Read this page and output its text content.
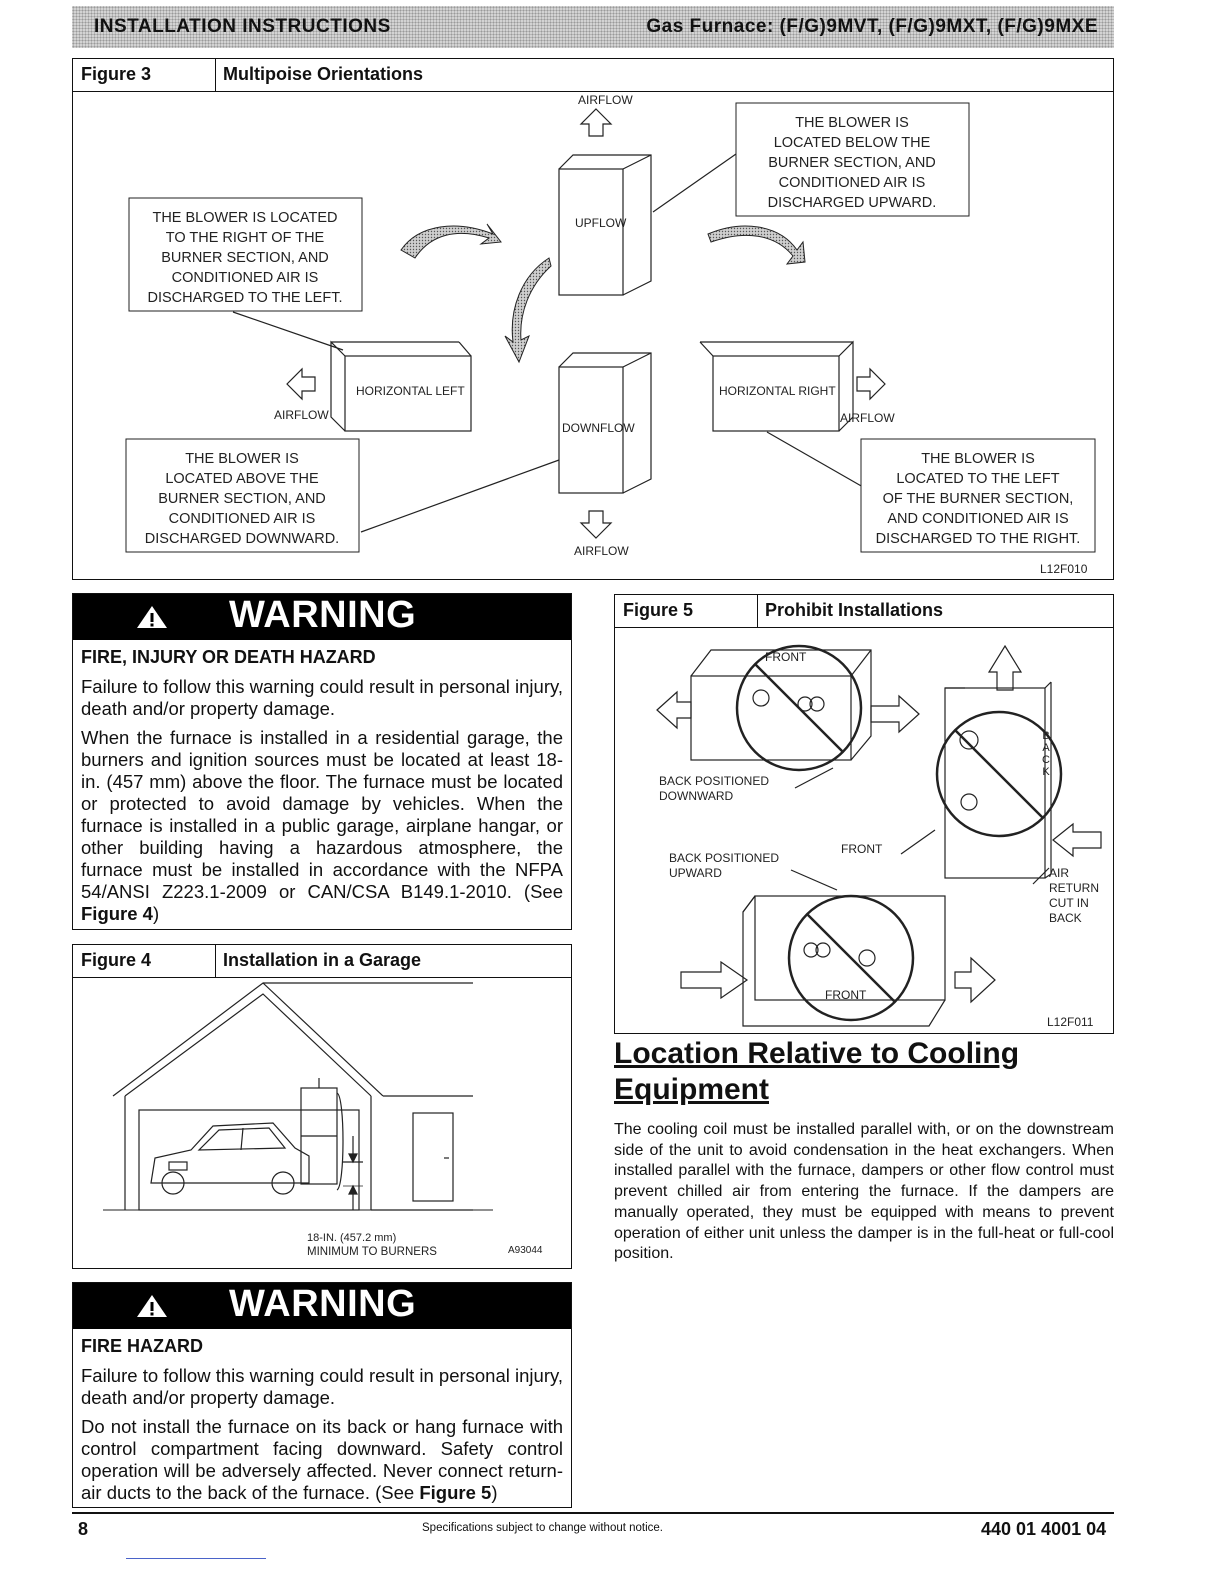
INSTALLATION INSTRUCTIONS	Gas Furnace: (F/G)9MVT, (F/G)9MXT, (F/G)9MXE
Figure 3	Multipoise Orientations
UPFLOW
DOWNFLOW
HORIZONTAL LEFT	HORIZONTAL RIGHT
AIRFLOW
AIRFLOW
AIRFLOW	AIRFLOW
L12F010
THE BLOWER IS
LOCATED BELOW THE
BURNER SECTION, AND
CONDITIONED AIR IS
DISCHARGED UPWARD.
THE BLOWER IS LOCATED
TO THE RIGHT OF THE
BURNER SECTION, AND
CONDITIONED AIR IS
DISCHARGED TO THE LEFT.
THE BLOWER IS
LOCATED ABOVE THE
BURNER SECTION, AND
CONDITIONED AIR IS
DISCHARGED DOWNWARD.
THE BLOWER IS
LOCATED TO THE LEFT
OF THE BURNER SECTION,
AND CONDITIONED AIR IS
DISCHARGED TO THE RIGHT.
WARNING
FIRE, INJURY OR DEATH HAZARD

Failure to follow this warning could result in personal injury, death and/or property damage.

When the furnace is installed in a residential garage, the burners and ignition sources must be located at least 18-in. (457 mm) above the floor. The furnace must be located or protected to avoid damage by vehicles. When the furnace is installed in a public garage, airplane hangar, or other building having a hazardous atmosphere, the furnace must be installed in accordance with the NFPA 54/ANSI Z223.1-2009 or CAN/CSA B149.1-2010. (See Figure 4)

Figure 4	Installation in a Garage
18-IN. (457.2 mm)
MINIMUM TO BURNERS	A93044
WARNING
FIRE HAZARD

Failure to follow this warning could result in personal injury, death and/or property damage.

Do not install the furnace on its back or hang furnace with control compartment facing downward. Safety control operation will be adversely affected. Never connect return-air ducts to the back of the furnace. (See Figure 5)

Figure 5	Prohibit Installations
FRONT
FRONT
FRONT
BACK POSITIONED
DOWNWARD
BACK POSITIONED
UPWARD
B
A
C
K
AIR
RETURN
CUT IN
BACK
L12F011
Location Relative to Cooling
Equipment
The cooling coil must be installed parallel with, or on the downstream side of the unit to avoid condensation in the heat exchangers. When installed parallel with the furnace, dampers or other flow control must prevent chilled air from entering the furnace. If the dampers are manually operated, they must be equipped with means to prevent operation of either unit unless the damper is in the full-heat or full-cool position.
8	Specifications subject to change without notice.	440 01 4001 04
